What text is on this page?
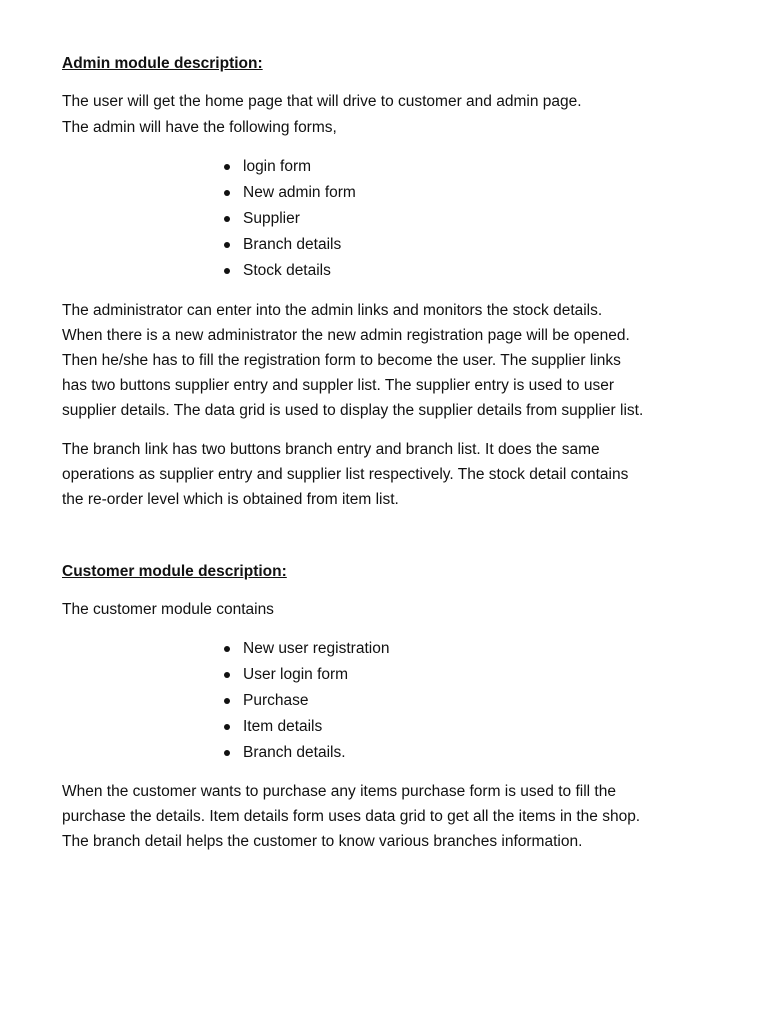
Admin module description:

The user will get the home page that will drive to customer and admin page.

The admin will have the following forms,

login form
New admin form
Supplier
Branch details
Stock details

The administrator can enter into the admin links and monitors the stock details.

When there is a new administrator the new admin registration page will be opened.

Then he/she has to fill the registration form to become the user. The supplier links

has two buttons supplier entry and suppler list. The supplier entry is used to user

supplier details. The data grid is used to display the supplier details from supplier list.

The branch link has two buttons branch entry and branch list. It does the same

operations as supplier entry and supplier list respectively. The stock detail contains

the re-order level which is obtained from item list.

Customer module description:

The customer module contains

New user registration
User login form
Purchase
Item details
Branch details.

When the customer wants to purchase any items purchase form is used to fill the

purchase the details. Item details form uses data grid to get all the items in the shop.

The branch detail helps the customer to know various branches information.
